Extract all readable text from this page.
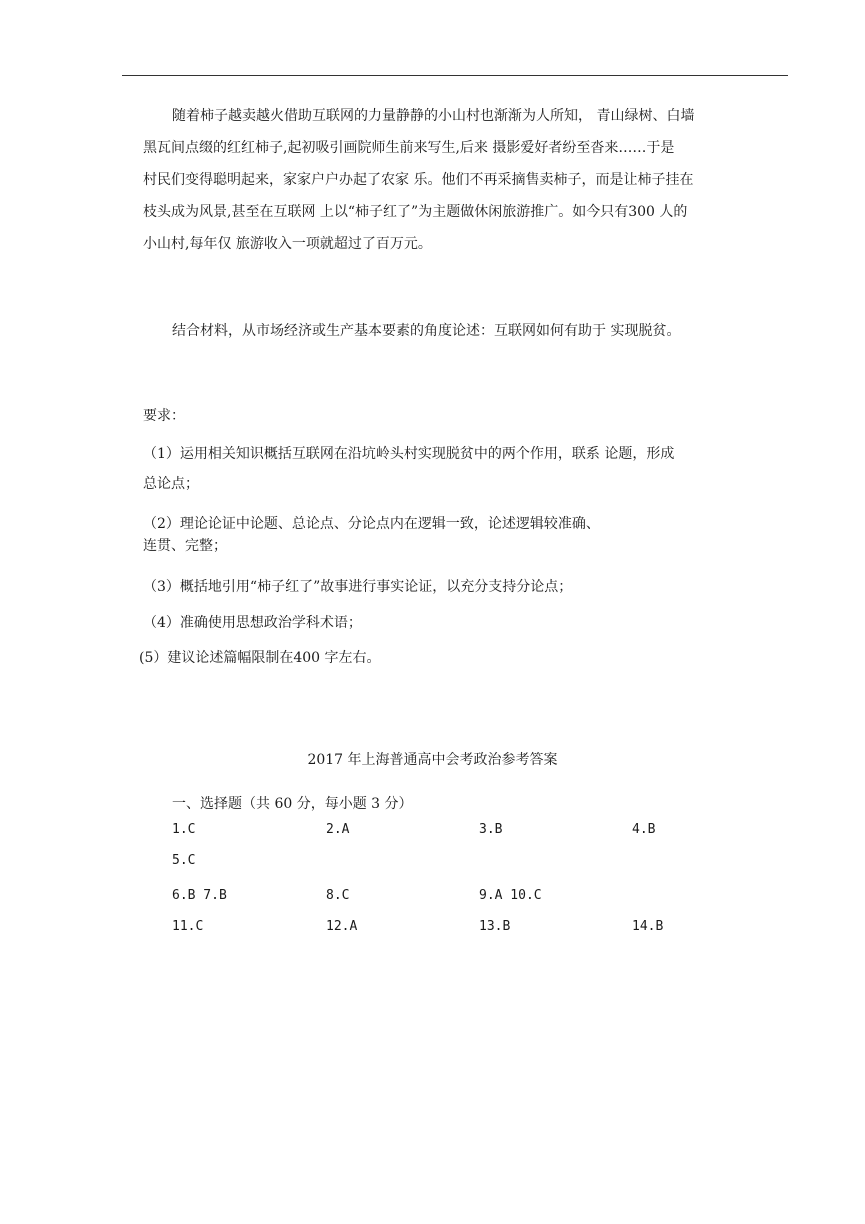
随着柿子越卖越火借助互联网的力量静静的小山村也渐渐为人所知， 青山绿树、白墙
黑瓦间点缀的红红柿子,起初吸引画院师生前来写生,后来 摄影爱好者纷至沓来……于是
村民们变得聪明起来，家家户户办起了农家 乐。他们不再采摘售卖柿子，而是让柿子挂在
枝头成为风景,甚至在互联网 上以“柿子红了”为主题做休闲旅游推广。如今只有300 人的
小山村,每年仅 旅游收入一项就超过了百万元。
结合材料，从市场经济或生产基本要素的角度论述：互联网如何有助于 实现脱贫。
要求：
（1）运用相关知识概括互联网在沿坑岭头村实现脱贫中的两个作用，联系 论题，形成
总论点；
（2）理论论证中论题、总论点、分论点内在逻辑一致，论述逻辑较准确、
连贯、完整；
（3）概括地引用“柿子红了”故事进行事实论证，以充分支持分论点；
（4）准确使用思想政治学科术语；
(5）建议论述篇幅限制在400 字左右。
2017 年上海普通高中会考政治参考答案
一、选择题（共 60 分，每小题 3 分）
1.C	2.A	3.B	4.B
5.C
6.B 7.B	8.C	9.A 10.C
11.C	12.A	13.B	14.B
